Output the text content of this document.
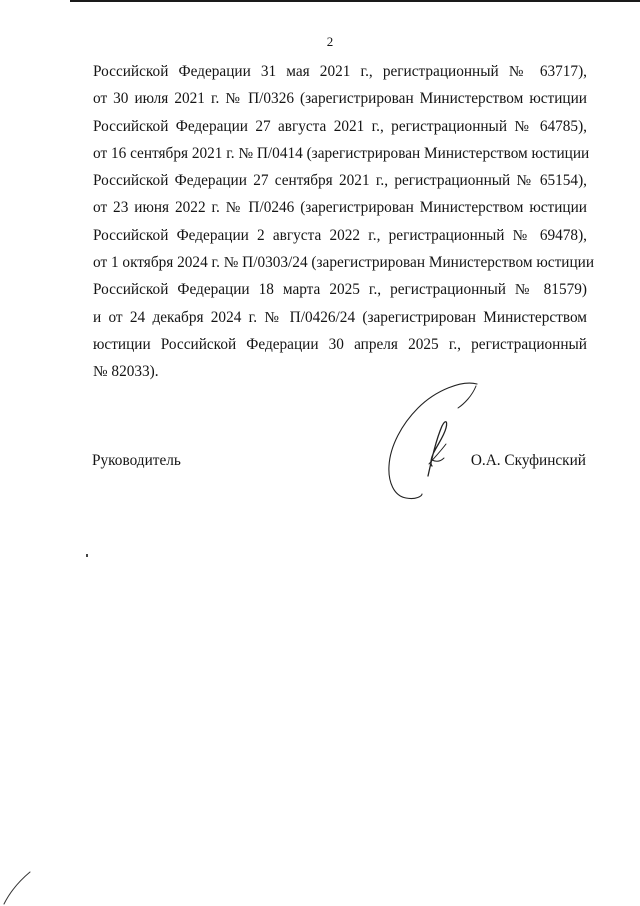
2
Российской Федерации 31 мая 2021 г., регистрационный № 63717),
от 30 июля 2021 г. № П/0326 (зарегистрирован Министерством юстиции
Российской Федерации 27 августа 2021 г., регистрационный № 64785),
от 16 сентября 2021 г. № П/0414 (зарегистрирован Министерством юстиции
Российской Федерации 27 сентября 2021 г., регистрационный № 65154),
от 23 июня 2022 г. № П/0246 (зарегистрирован Министерством юстиции
Российской Федерации 2 августа 2022 г., регистрационный № 69478),
от 1 октября 2024 г. № П/0303/24 (зарегистрирован Министерством юстиции
Российской Федерации 18 марта 2025 г., регистрационный № 81579)
и от 24 декабря 2024 г. № П/0426/24 (зарегистрирован Министерством
юстиции Российской Федерации 30 апреля 2025 г., регистрационный
№ 82033).
Руководитель	О.А. Скуфинский
